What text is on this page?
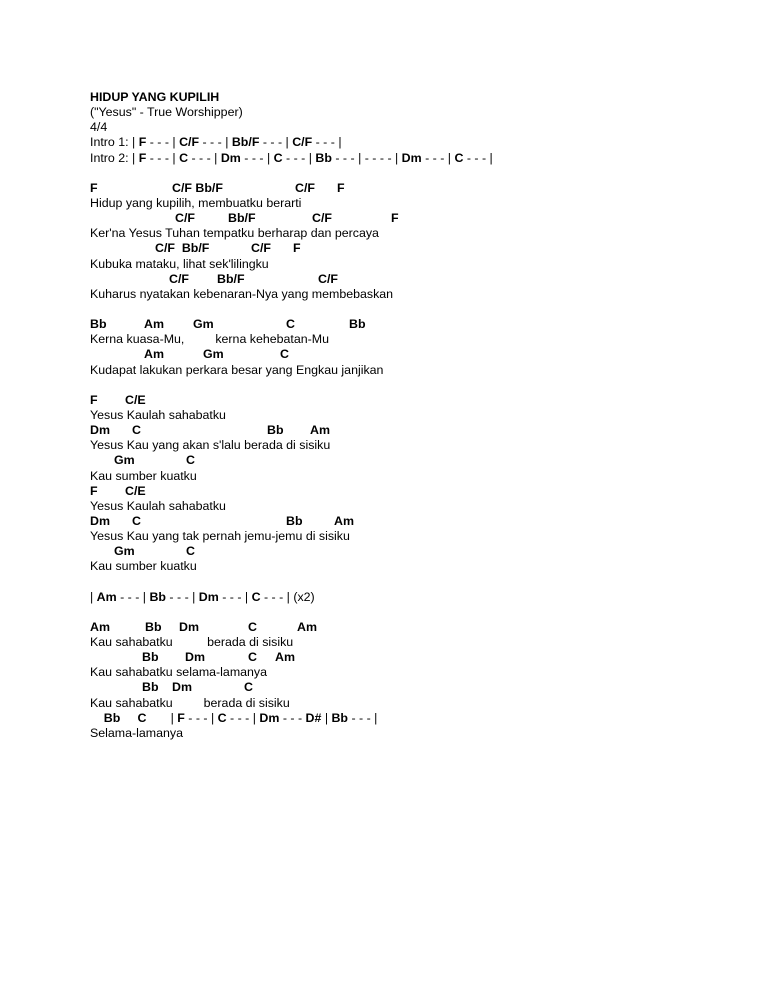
HIDUP YANG KUPILIH
("Yesus" - True Worshipper)
4/4
Intro 1: | F - - - | C/F - - - | Bb/F - - - | C/F - - - |
Intro 2: | F - - - | C - - - | Dm - - - | C - - - | Bb - - - | - - - - | Dm - - - | C - - - |
F	C/F Bb/F	C/F F
Hidup yang kupilih, membuatku berarti
C/F	Bb/F	C/F	F
Ker'na Yesus Tuhan tempatku berharap dan percaya
C/F  Bb/F	C/F F
Kubuka mataku, lihat sek'lilingku
C/F Bb/F	C/F
Kuharus nyatakan kebenaran-Nya yang membebaskan
Bb	Am Gm	C	Bb
Kerna kuasa-Mu,         kerna kehebatan-Mu
Am	Gm	C
Kudapat lakukan perkara besar yang Engkau janjikan
F C/E
Yesus Kaulah sahabatku
Dm C	Bb Am
Yesus Kau yang akan s'lalu berada di sisiku
Gm	C
Kau sumber kuatku
F C/E
Yesus Kaulah sahabatku
Dm C	Bb	Am
Yesus Kau yang tak pernah jemu-jemu di sisiku
Gm	C
Kau sumber kuatku
| Am - - - | Bb - - - | Dm - - - | C - - - | (x2)
Am	Bb Dm	C	Am
Kau sahabatku          berada di sisiku
Bb Dm	C Am
Kau sahabatku selama-lamanya
Bb Dm	C
Kau sahabatku         berada di sisiku
Bb C       | F - - - | C - - - | Dm - - - D# | Bb - - - |
Selama-lamanya
